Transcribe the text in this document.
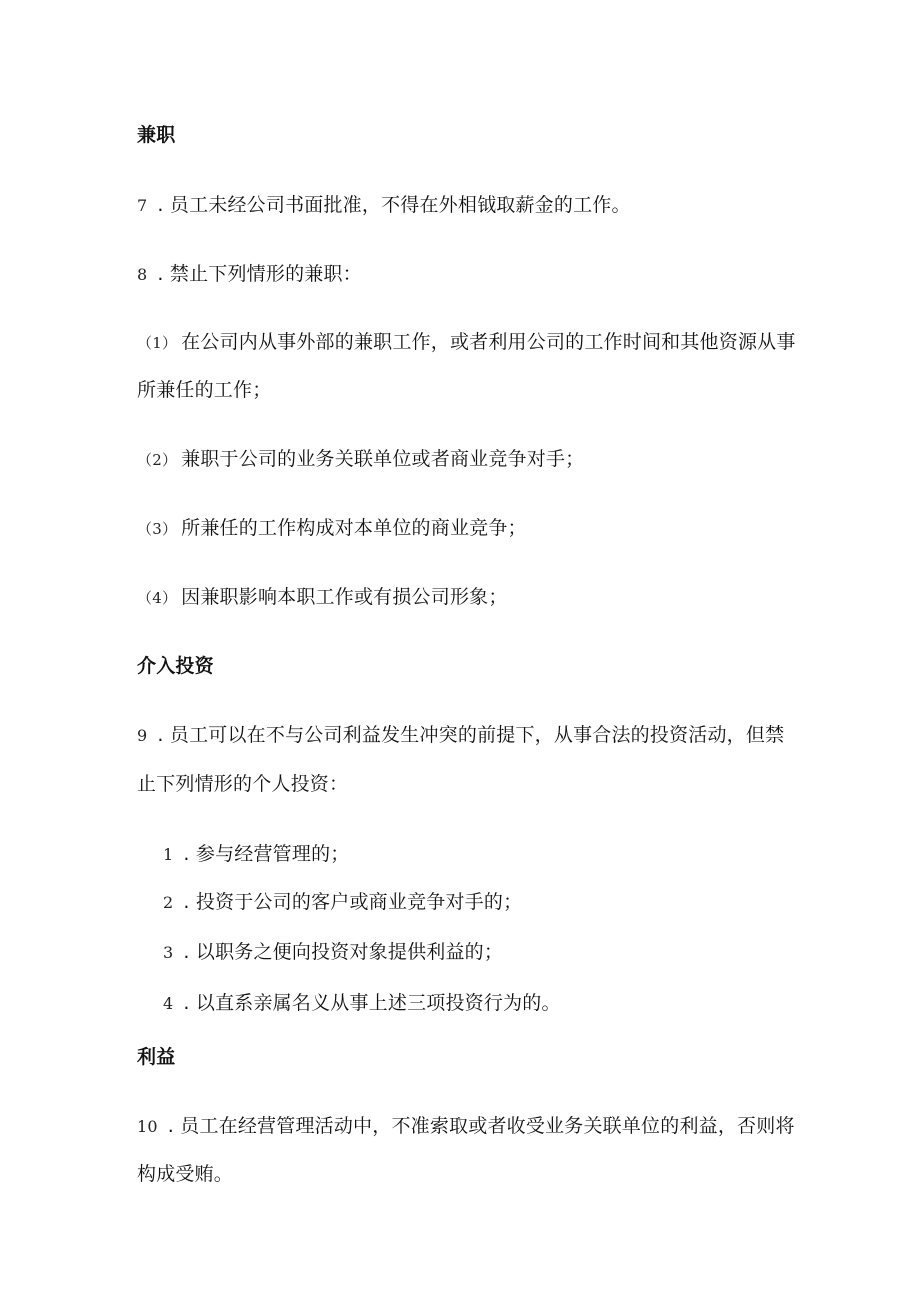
兼职
7 . 员工未经公司书面批准，不得在外相钺取薪金的工作。
8 . 禁止下列情形的兼职：
（1） 在公司内从事外部的兼职工作，或者利用公司的工作时间和其他资源从事
所兼任的工作；
（2） 兼职于公司的业务关联单位或者商业竞争对手；
（3） 所兼任的工作构成对本单位的商业竞争；
（4） 因兼职影响本职工作或有损公司形象；
介入投资
9 . 员工可以在不与公司利益发生冲突的前提下，从事合法的投资活动，但禁
止下列情形的个人投资：
1 . 参与经营管理的；
2 . 投资于公司的客户或商业竞争对手的；
3 . 以职务之便向投资对象提供利益的；
4 . 以直系亲属名义从事上述三项投资行为的。
利益
10 . 员工在经营管理活动中，不准索取或者收受业务关联单位的利益，否则将
构成受贿。
